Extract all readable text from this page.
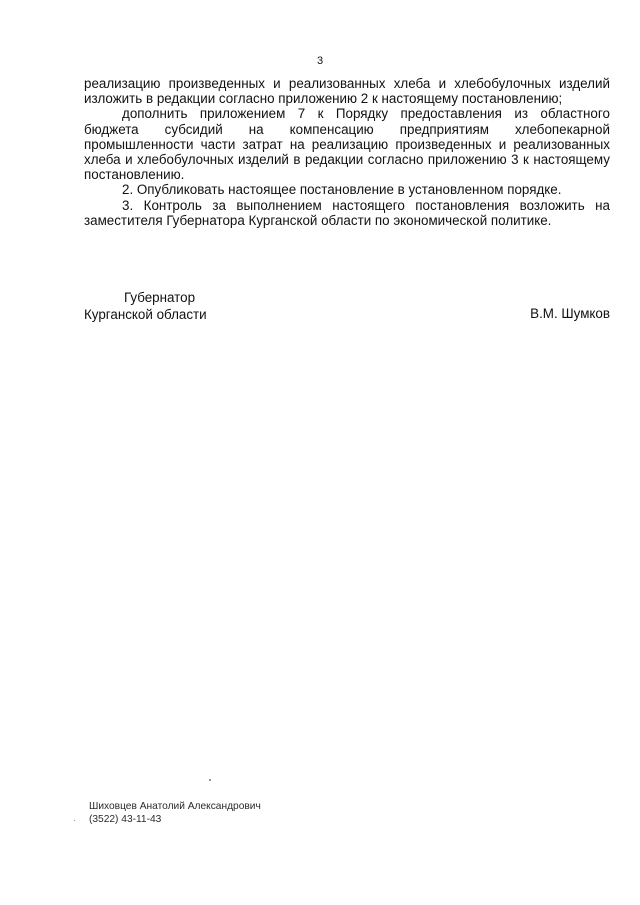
3
реализацию произведенных и реализованных хлеба и хлебобулочных изделий
изложить в редакции согласно приложению 2 к настоящему постановлению;
дополнить приложением 7 к Порядку предоставления из областного
бюджета субсидий на компенсацию предприятиям хлебопекарной
промышленности части затрат на реализацию произведенных и реализованных
хлеба и хлебобулочных изделий в редакции согласно приложению 3 к настоящему
постановлению.
2. Опубликовать настоящее постановление в установленном порядке.
3. Контроль за выполнением настоящего постановления возложить на
заместителя Губернатора Курганской области по экономической политике.
Губернатор
Курганской области	В.М. Шумков
Шиховцев Анатолий Александрович
(3522) 43-11-43
